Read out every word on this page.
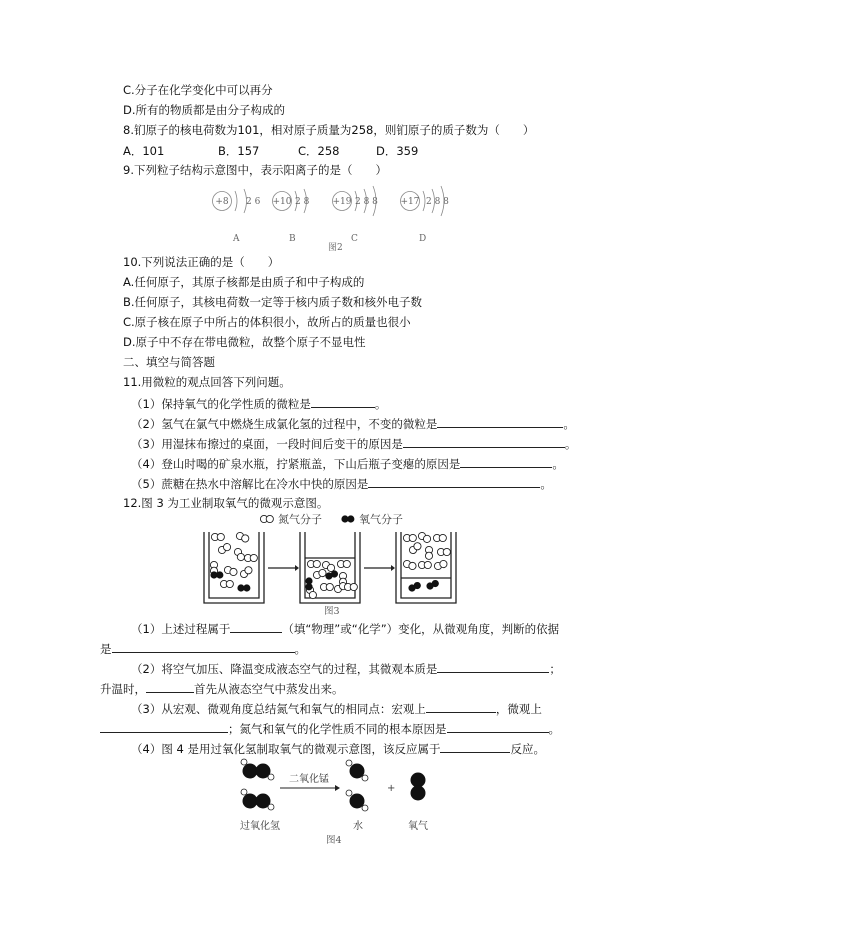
C.分子在化学变化中可以再分
D.所有的物质都是由分子构成的
8.钔原子的核电荷数为101，相对原子质量为258，则钔原子的质子数为（　　）
A．101	B．157	C．258	D．359
9.下列粒子结构示意图中，表示阳离子的是（　　）
+8 2 6
A
+10 2 8
B
+19 2 8 8
C
+17 2 8 8
D
图2
10.下列说法正确的是（　　）
A.任何原子，其原子核都是由质子和中子构成的
B.任何原子，其核电荷数一定等于核内质子数和核外电子数
C.原子核在原子中所占的体积很小，故所占的质量也很小
D.原子中不存在带电微粒，故整个原子不显电性
二、填空与简答题
11.用微粒的观点回答下列问题。
（1）保持氧气的化学性质的微粒是	。
（2）氢气在氯气中燃烧生成氯化氢的过程中，不变的微粒是	。
（3）用湿抹布擦过的桌面，一段时间后变干的原因是	。
（4）登山时喝的矿泉水瓶，拧紧瓶盖，下山后瓶子变瘪的原因是	。
（5）蔗糖在热水中溶解比在冷水中快的原因是	。
12.图 3 为工业制取氧气的微观示意图。
氮气分子	氧气分子
图3
（1）上述过程属于	（填“物理”或“化学”）变化，从微观角度，判断的依据
是	。
（2）将空气加压、降温变成液态空气的过程，其微观本质是	；
升温时，	首先从液态空气中蒸发出来。
（3）从宏观、微观角度总结氮气和氧气的相同点：宏观上	，微观上
；氮气和氧气的化学性质不同的根本原因是	。
（4）图 4 是用过氧化氢制取氧气的微观示意图，该反应属于	反应。
二氧化锰
+
过氧化氢	水	氧气
图4
